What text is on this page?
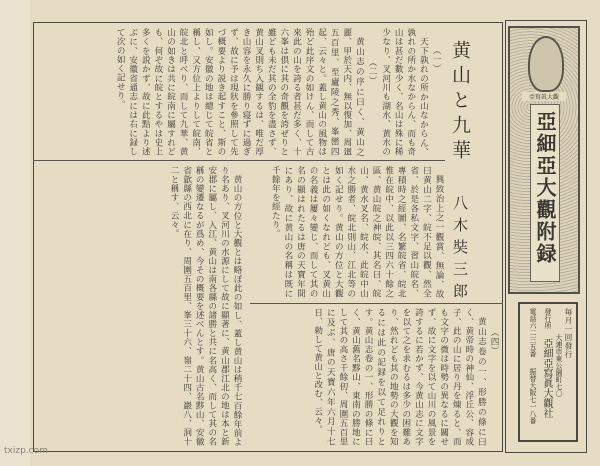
黄山と九華
八木奘三郎

（一）

天下孰れの所か山なからん、孰れの所か水なからん、而も奇山は甚だ數少く、名山は殊に稀少なり、叉河川も湖水、黄水の

（二）

黄山志の序に曰く、黄山之麗、甲於天内、無以復加、周廻五百里、至廬陵之秀、峯巒四起、云々と。蓋し黄山の風物は殆ど此序文の如けん、而して古來此の山を誇る者甚だ多く、十六峯は倶に其の奇觀を誇ぜりと雖ども未だ其の全豹を盡さず、黄山叉則ち入観するは、唯だ厚き山容を永久に勝り寝ずに過ぎず、故に予は現狀を參照して先づ概要より説き起すこと、斯の如し。安徽の地は總じて皖省と稱し、又方位上よりして皖南、皖北と呼べり、而して九華、黄山の如きは共に皖南に屬すれども、何ぞ故に皖とするやは史上多くを説かず、故に此點より述ぶに、安徽省通志には右に録して次の如く記せり。

興致治上之一觀賞、無論、故曰黄山二字、皖不足以觀、然全省、於是各私文字、習山皖名、專積時之經圖、名繁皖省、皖北惟在皖中、以此以三四六十餘之區、黄山皖之神皖、其名曰、皖山、黄水叉名、皖水、此皖中山水之勝者、皖北則山、江北等の如く記せり。黄山の方位と大觀とは此の如くなれども、叉黄山の名義は屢々變じ、而して其の名の顯はれたるは唐の天寶年間にあり、故に黄山の名稱は既に千餘年を經たり。

黄山の方位と大觀とは略ぼ此の如し、蓋し黄山は稍千七百餘年前より名あり、叉河川の水源にして故に顯著に、黄山郡江北の地は本と新安郡に屬し、入江、黄山は南各縣の諸勝と共に名高く、而して其の名稱の變遷なるが爲め、今その概要を述べんとす。黄山古名黟山、安徽省歙縣の西北に在り、周圍五百里、峯三十六、嶺二十四、巖八、洞十二と稱す、云々。

（四）

黄山志卷の一、形勝の條に曰く、黄帝時の神仙、浮丘公、容成子、此の山に居り丹を煉ると、而も文字の微は時勢の異なるに關せず、故に文字を以て山川の風景を誇するに若かず、今黄山志に文字を以て之を求むるは多少の困難あり、然れども其の地勢の大觀を知るには此の記録を以て足れりとす。黄山志卷の一、形勝の條に曰く、黄山舊名黟山、東南の勝地にして其の高さ千餘仞、周圍五百里に及ぶ、唐の天寶六年六月十七日、勅して黄山と改む、云々。

亞寫眞大觀
亞細亞大觀附録
毎月一回發行
大連市東公園町七〇
發行所
亞細亞寫眞大觀社
電話六二三五番
振替大阪七一八番
txizp.com
